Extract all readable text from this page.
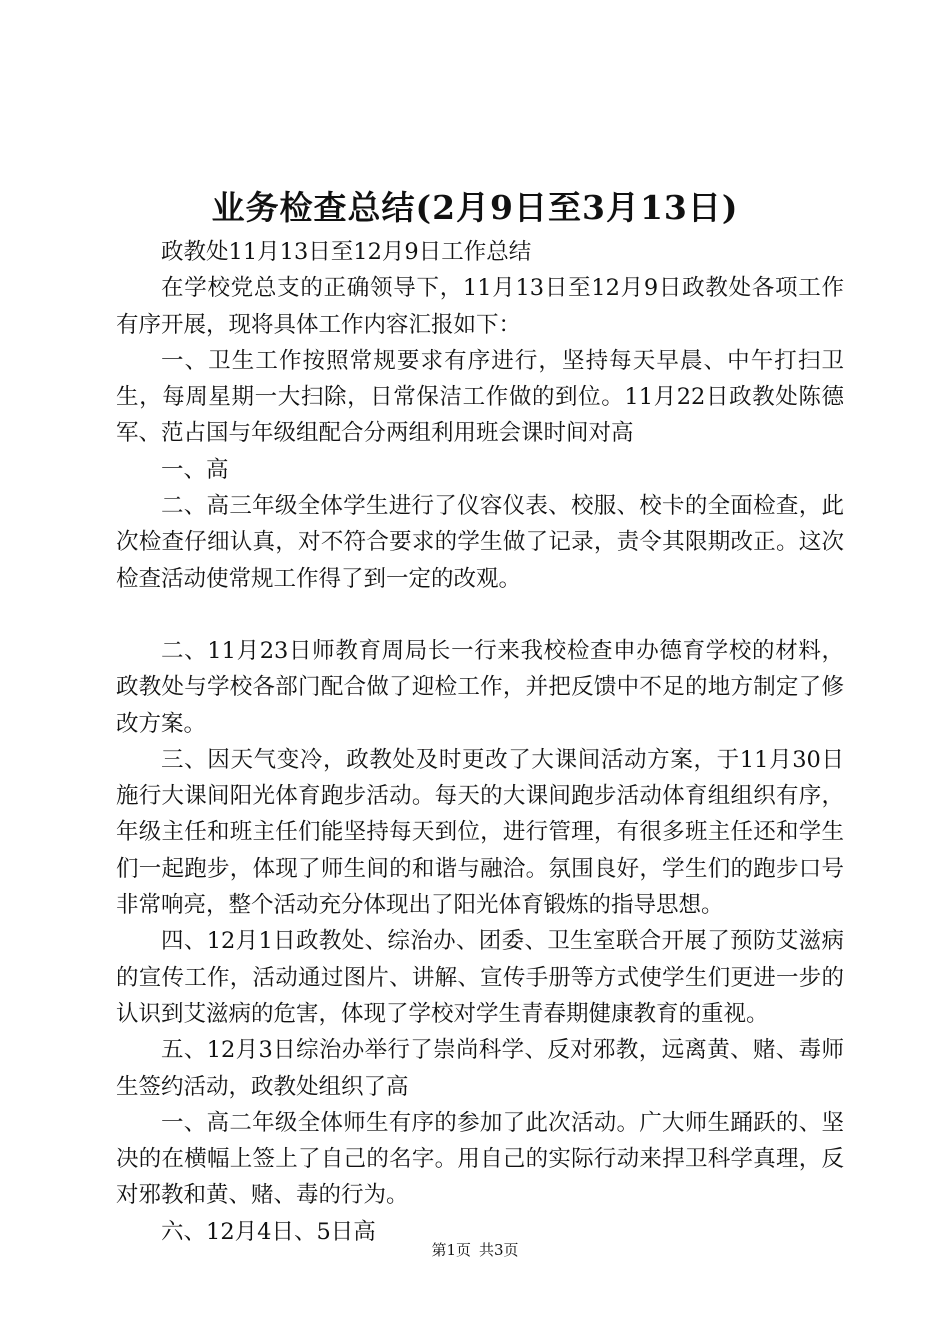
业务检查总结(2月9日至3月13日)

政教处11月13日至12月9日工作总结

在学校党总支的正确领导下，11月13日至12月9日政教处各项工作有序开展，现将具体工作内容汇报如下：

一、卫生工作按照常规要求有序进行，坚持每天早晨、中午打扫卫生，每周星期一大扫除，日常保洁工作做的到位。11月22日政教处陈德军、范占国与年级组配合分两组利用班会课时间对高

一、高

二、高三年级全体学生进行了仪容仪表、校服、校卡的全面检查，此次检查仔细认真，对不符合要求的学生做了记录，责令其限期改正。这次检查活动使常规工作得了到一定的改观。

二、11月23日师教育周局长一行来我校检查申办德育学校的材料，政教处与学校各部门配合做了迎检工作，并把反馈中不足的地方制定了修改方案。

三、因天气变冷，政教处及时更改了大课间活动方案，于11月30日施行大课间阳光体育跑步活动。每天的大课间跑步活动体育组组织有序，年级主任和班主任们能坚持每天到位，进行管理，有很多班主任还和学生们一起跑步，体现了师生间的和谐与融洽。氛围良好，学生们的跑步口号非常响亮，整个活动充分体现出了阳光体育锻炼的指导思想。

四、12月1日政教处、综治办、团委、卫生室联合开展了预防艾滋病的宣传工作，活动通过图片、讲解、宣传手册等方式使学生们更进一步的认识到艾滋病的危害，体现了学校对学生青春期健康教育的重视。

五、12月3日综治办举行了崇尚科学、反对邪教，远离黄、赌、毒师生签约活动，政教处组织了高

一、高二年级全体师生有序的参加了此次活动。广大师生踊跃的、坚决的在横幅上签上了自己的名字。用自己的实际行动来捍卫科学真理，反对邪教和黄、赌、毒的行为。

六、12月4日、5日高

第1页 共3页
